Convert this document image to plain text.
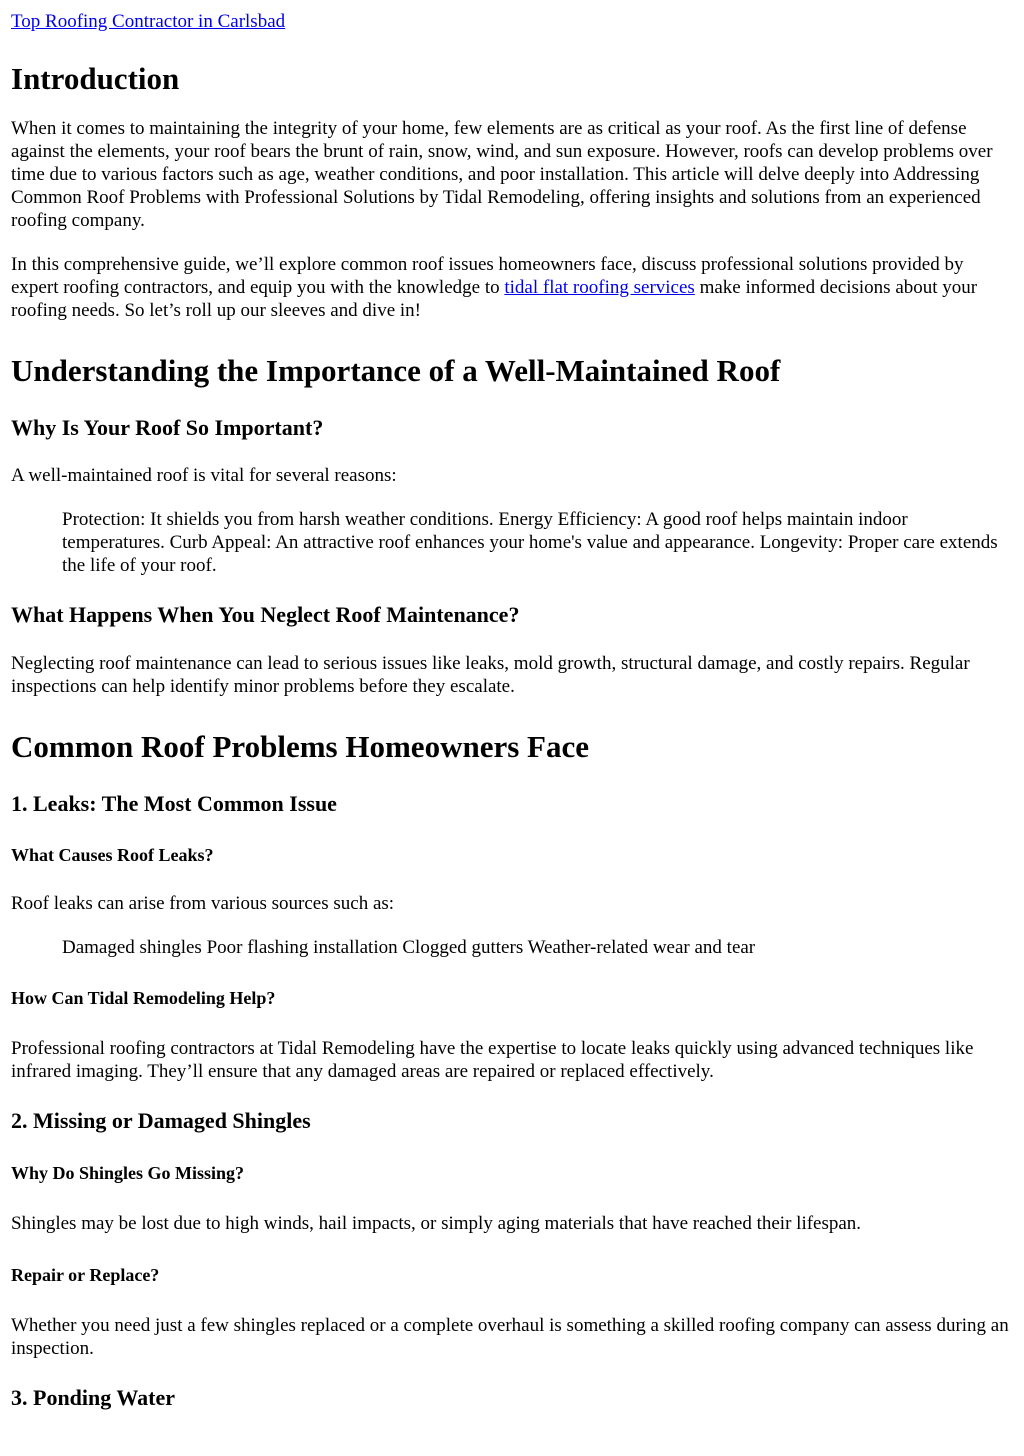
Top Roofing Contractor in Carlsbad
Introduction

When it comes to maintaining the integrity of your home, few elements are as critical as your roof. As the first line of defense against the elements, your roof bears the brunt of rain, snow, wind, and sun exposure. However, roofs can develop problems over time due to various factors such as age, weather conditions, and poor installation. This article will delve deeply into Addressing Common Roof Problems with Professional Solutions by Tidal Remodeling, offering insights and solutions from an experienced roofing company.

In this comprehensive guide, we’ll explore common roof issues homeowners face, discuss professional solutions provided by expert roofing contractors, and equip you with the knowledge to tidal flat roofing services make informed decisions about your roofing needs. So let’s roll up our sleeves and dive in!

Understanding the Importance of a Well-Maintained Roof
Why Is Your Roof So Important?

A well-maintained roof is vital for several reasons:

Protection: It shields you from harsh weather conditions. Energy Efficiency: A good roof helps maintain indoor temperatures. Curb Appeal: An attractive roof enhances your home's value and appearance. Longevity: Proper care extends the life of your roof.

What Happens When You Neglect Roof Maintenance?

Neglecting roof maintenance can lead to serious issues like leaks, mold growth, structural damage, and costly repairs. Regular inspections can help identify minor problems before they escalate.

Common Roof Problems Homeowners Face
1. Leaks: The Most Common Issue
What Causes Roof Leaks?

Roof leaks can arise from various sources such as:

Damaged shingles Poor flashing installation Clogged gutters Weather-related wear and tear

How Can Tidal Remodeling Help?

Professional roofing contractors at Tidal Remodeling have the expertise to locate leaks quickly using advanced techniques like infrared imaging. They’ll ensure that any damaged areas are repaired or replaced effectively.

2. Missing or Damaged Shingles
Why Do Shingles Go Missing?

Shingles may be lost due to high winds, hail impacts, or simply aging materials that have reached their lifespan.

Repair or Replace?

Whether you need just a few shingles replaced or a complete overhaul is something a skilled roofing company can assess during an inspection.

3. Ponding Water
